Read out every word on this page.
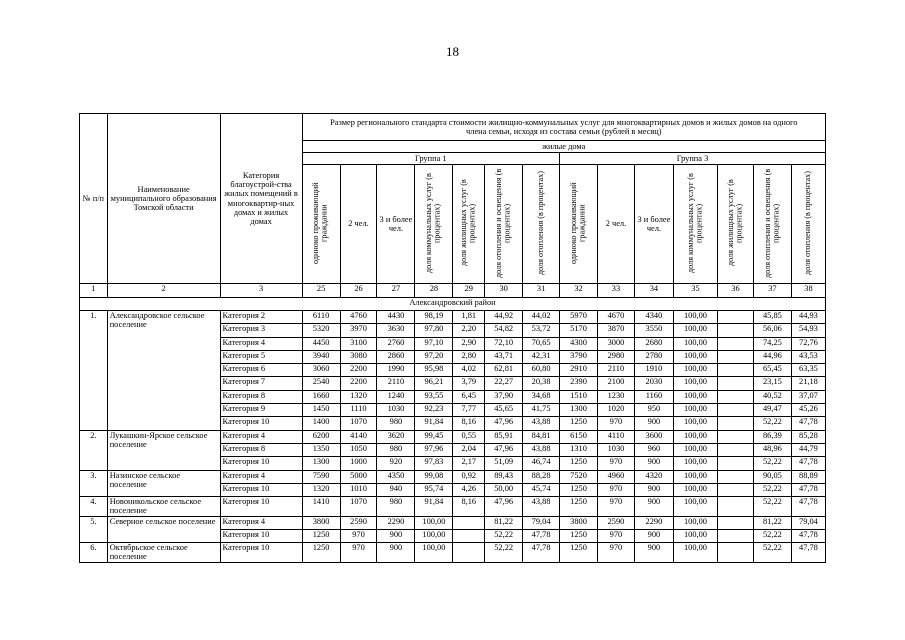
18
№ п/п	Наименование муниципального образования Томской области	Категория благоустрой-ства жилых помещений в многоквартир-ных домах и жилых домах	Размер регионального стандарта стоимости жилищно-коммунальных услуг для многоквартирных домов и жилых домов на одного члена семьи, исходя из состава семьи (рублей в месяц)													
			жилые дома													
			Группа 1							Группа 3						
			одиноко проживающий граждании	2 чел.	3 и более чел.	доля коммунальных услуг (в процентах)	доля жилищных услуг (в процентах)	доля отопления и освещения (в процентах)	доля отопления (в процентах)	одиноко проживающий граждании	2 чел.	3 и более чел.	доля коммунальных услуг (в процентах)	доля жилищных услуг (в процентах)	доля отопления и освещения (в процентах)	доля отопления (в процентах)
1	2	3	25	26	27	28	29	30	31	32	33	34	35	36	37	38
Александровский район																
1.	Александровское сельское поселение	Категория 2	6110	4760	4430	98,19	1,81	44,92	44,02	5970	4670	4340	100,00		45,85	44,93
		Категория 3	5320	3970	3630	97,80	2,20	54,82	53,72	5170	3870	3550	100,00		56,06	54,93
		Категория 4	4450	3100	2760	97,10	2,90	72,10	70,65	4300	3000	2680	100,00		74,25	72,76
		Категория 5	3940	3080	2860	97,20	2,80	43,71	42,31	3790	2980	2780	100,00		44,96	43,53
		Категория 6	3060	2200	1990	95,98	4,02	62,81	60,80	2910	2110	1910	100,00		65,45	63,35
		Категория 7	2540	2200	2110	96,21	3,79	22,27	20,38	2390	2100	2030	100,00		23,15	21,18
		Категория 8	1660	1320	1240	93,55	6,45	37,90	34,68	1510	1230	1160	100,00		40,52	37,07
		Категория 9	1450	1110	1030	92,23	7,77	45,65	41,75	1300	1020	950	100,00		49,47	45,26
		Категория 10	1400	1070	980	91,84	8,16	47,96	43,88	1250	970	900	100,00		52,22	47,78
2.	Лукашкин-Ярское сельское поселение	Категория 4	6200	4140	3620	99,45	0,55	85,91	84,81	6150	4110	3600	100,00		86,39	85,28
		Категория 8	1350	1050	980	97,96	2,04	47,96	43,88	1310	1030	960	100,00		48,96	44,79
		Категория 10	1300	1000	920	97,83	2,17	51,09	46,74	1250	970	900	100,00		52,22	47,78
3.	Назинское сельское поселение	Категория 4	7590	5000	4350	99,08	0,92	89,43	88,28	7520	4960	4320	100,00		90,05	88,89
		Категория 10	1320	1010	940	95,74	4,26	50,00	45,74	1250	970	900	100,00		52,22	47,78
4.	Новоникольское сельское поселение	Категория 10	1410	1070	980	91,84	8,16	47,96	43,88	1250	970	900	100,00		52,22	47,78
5.	Северное сельское поселение	Категория 4	3800	2590	2290	100,00		81,22	79,04	3800	2590	2290	100,00		81,22	79,04
		Категория 10	1250	970	900	100,00		52,22	47,78	1250	970	900	100,00		52,22	47,78
6.	Октябрьское сельское поселение	Категория 10	1250	970	900	100,00		52,22	47,78	1250	970	900	100,00		52,22	47,78
